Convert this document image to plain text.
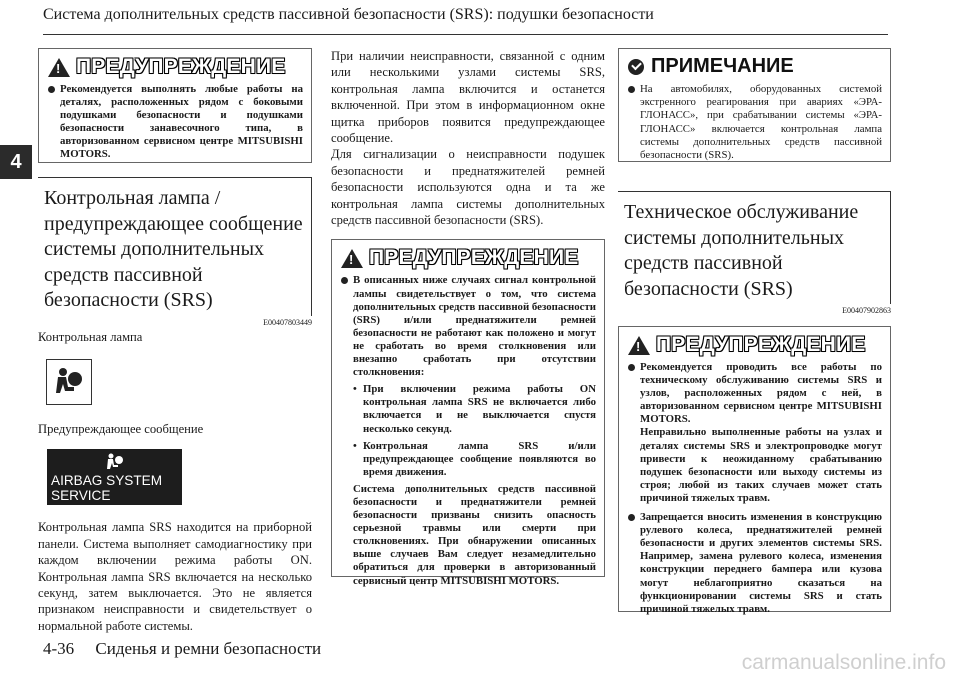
Система дополнительных средств пассивной безопасности (SRS): подушки безопасности
4
!
ПРЕДУПРЕЖДЕНИЕ
Рекомендуется выполнять любые работы на деталях, расположенных рядом с боковыми подушками безопасности и подушками безопасности занавесочного типа, в авторизованном сервисном центре MITSUBISHI MOTORS.
Контрольная лампа / предупреждающее сообщение системы дополнительных средств пассивной безопасности (SRS)
E00407803449
Контрольная лампа
Предупреждающее сообщение
AIRBAG SYSTEM
SERVICE REQUIRED
Контрольная лампа SRS находится на приборной панели. Система выполняет самодиагностику при каждом включении режима работы ON. Контрольная лампа SRS включается на несколько секунд, затем выключается. Это не является признаком неисправности и свидетельствует о нормальной работе системы.
При наличии неисправности, связанной с одним или несколькими узлами системы SRS, контрольная лампа включится и останется включенной. При этом в информационном окне щитка приборов появится предупреждающее сообщение.
Для сигнализации о неисправности подушек безопасности и преднатяжителей ремней безопасности используются одна и та же контрольная лампа системы дополнительных средств пассивной безопасности (SRS).
!
ПРЕДУПРЕЖДЕНИЕ
В описанных ниже случаях сигнал контрольной лампы свидетельствует о том, что система дополнительных средств пассивной безопасности (SRS) и/или преднатяжители ремней безопасности не работают как положено и могут не сработать во время столкновения или внезапно сработать при отсутствии столкновения:
• При включении режима работы ON контрольная лампа SRS не включается либо включается и не выключается спустя несколько секунд.
• Контрольная лампа SRS и/или предупреждающее сообщение появляются во время движения.
Система дополнительных средств пассивной безопасности и преднатяжители ремней безопасности призваны снизить опасность серьезной травмы или смерти при столкновениях. При обнаружении описанных выше случаев Вам следует незамедлительно обратиться для проверки в авторизованный сервисный центр MITSUBISHI MOTORS.
ПРИМЕЧАНИЕ
На автомобилях, оборудованных системой экстренного реагирования при авариях «ЭРА-ГЛОНАСС», при срабатывании системы «ЭРА-ГЛОНАСС» включается контрольная лампа системы дополнительных средств пассивной безопасности (SRS).
Техническое обслуживание системы дополнительных средств пассивной безопасности (SRS)
E00407902863
!
ПРЕДУПРЕЖДЕНИЕ
Рекомендуется проводить все работы по техническому обслуживанию системы SRS и узлов, расположенных рядом с ней, в авторизованном сервисном центре MITSUBISHI MOTORS.
Неправильно выполненные работы на узлах и деталях системы SRS и электропроводке могут привести к неожиданному срабатыванию подушек безопасности или выходу системы из строя; любой из таких случаев может стать причиной тяжелых травм.
Запрещается вносить изменения в конструкцию рулевого колеса, преднатяжителей ремней безопасности и других элементов системы SRS. Например, замена рулевого колеса, изменения конструкции переднего бампера или кузова могут неблагоприятно сказаться на функционировании системы SRS и стать причиной тяжелых травм.
4-36     Сиденья и ремни безопасности
carmanualsonline.info
